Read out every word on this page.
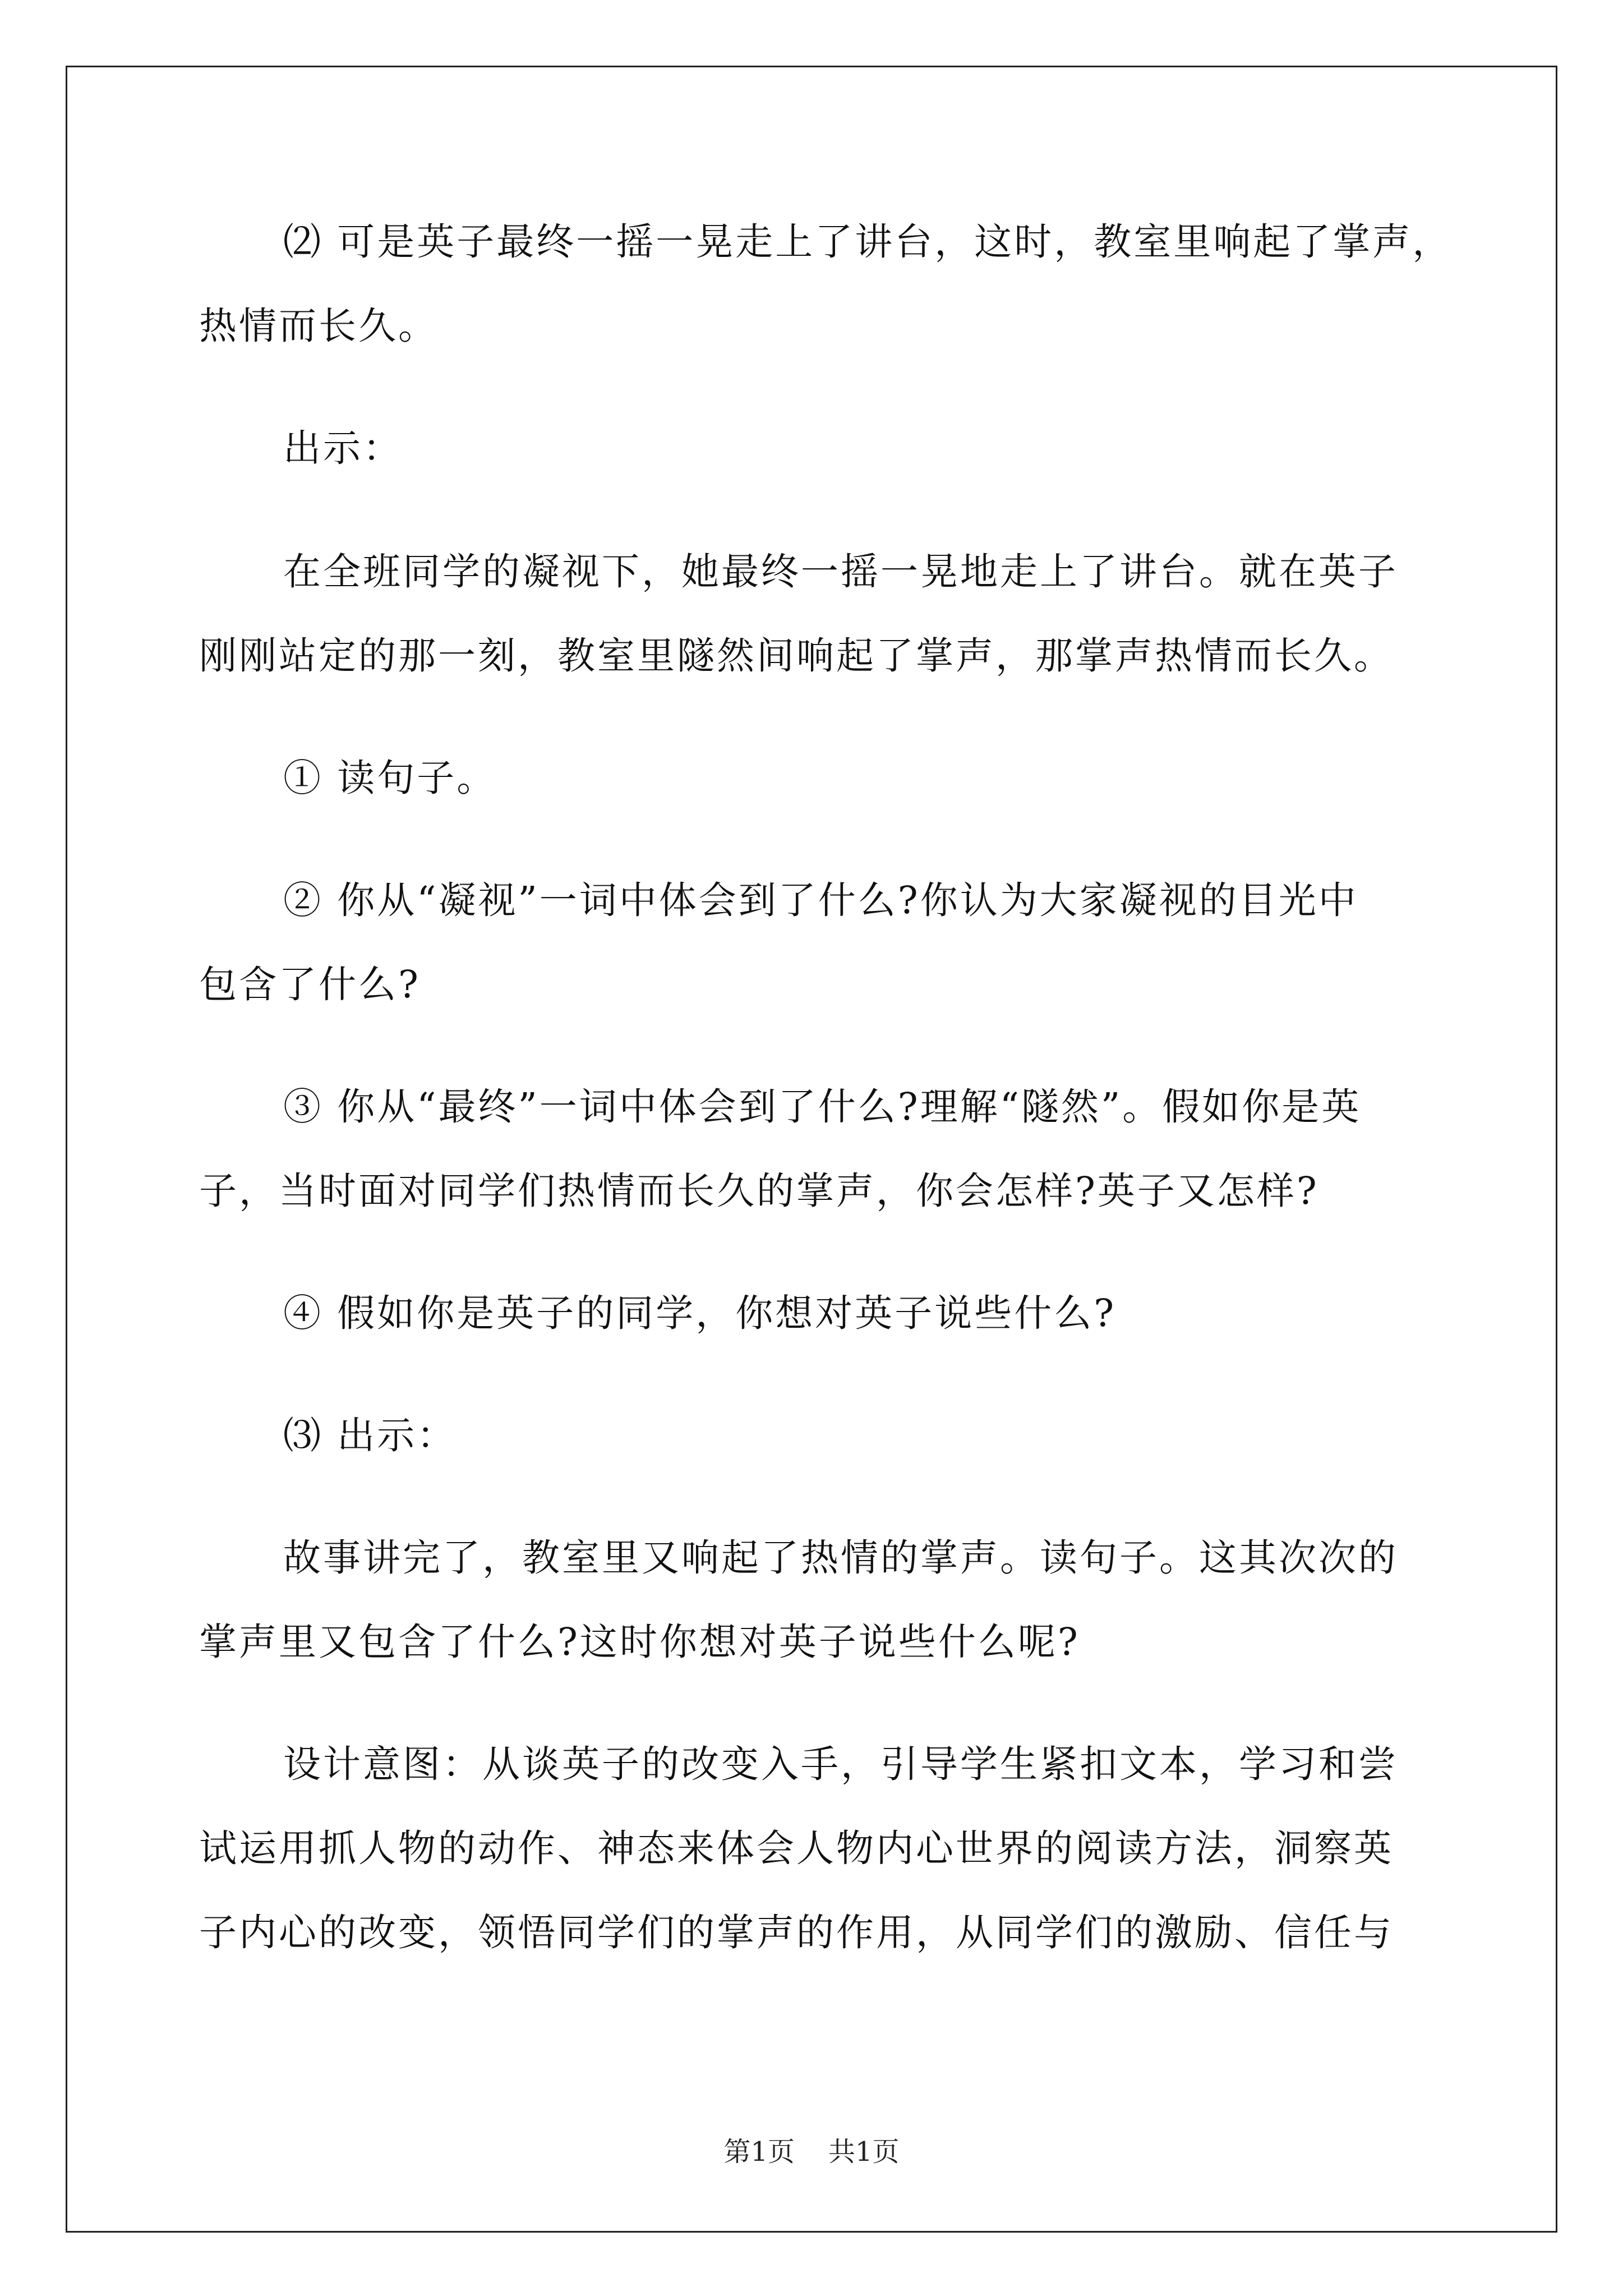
⑵ 可是英子最终一摇一晃走上了讲台，这时，教室里响起了掌声，
热情而长久。
出示：
在全班同学的凝视下，她最终一摇一晃地走上了讲台。就在英子
刚刚站定的那一刻，教室里隧然间响起了掌声，那掌声热情而长久。
① 读句子。
② 你从“凝视”一词中体会到了什么?你认为大家凝视的目光中
包含了什么?
③ 你从“最终”一词中体会到了什么?理解“隧然”。假如你是英
子，当时面对同学们热情而长久的掌声，你会怎样?英子又怎样?
④ 假如你是英子的同学，你想对英子说些什么?
⑶ 出示：
故事讲完了，教室里又响起了热情的掌声。读句子。这其次次的
掌声里又包含了什么?这时你想对英子说些什么呢?
设计意图：从谈英子的改变入手，引导学生紧扣文本，学习和尝
试运用抓人物的动作、神态来体会人物内心世界的阅读方法，洞察英
子内心的改变，领悟同学们的掌声的作用，从同学们的激励、信任与
第1页 共1页
